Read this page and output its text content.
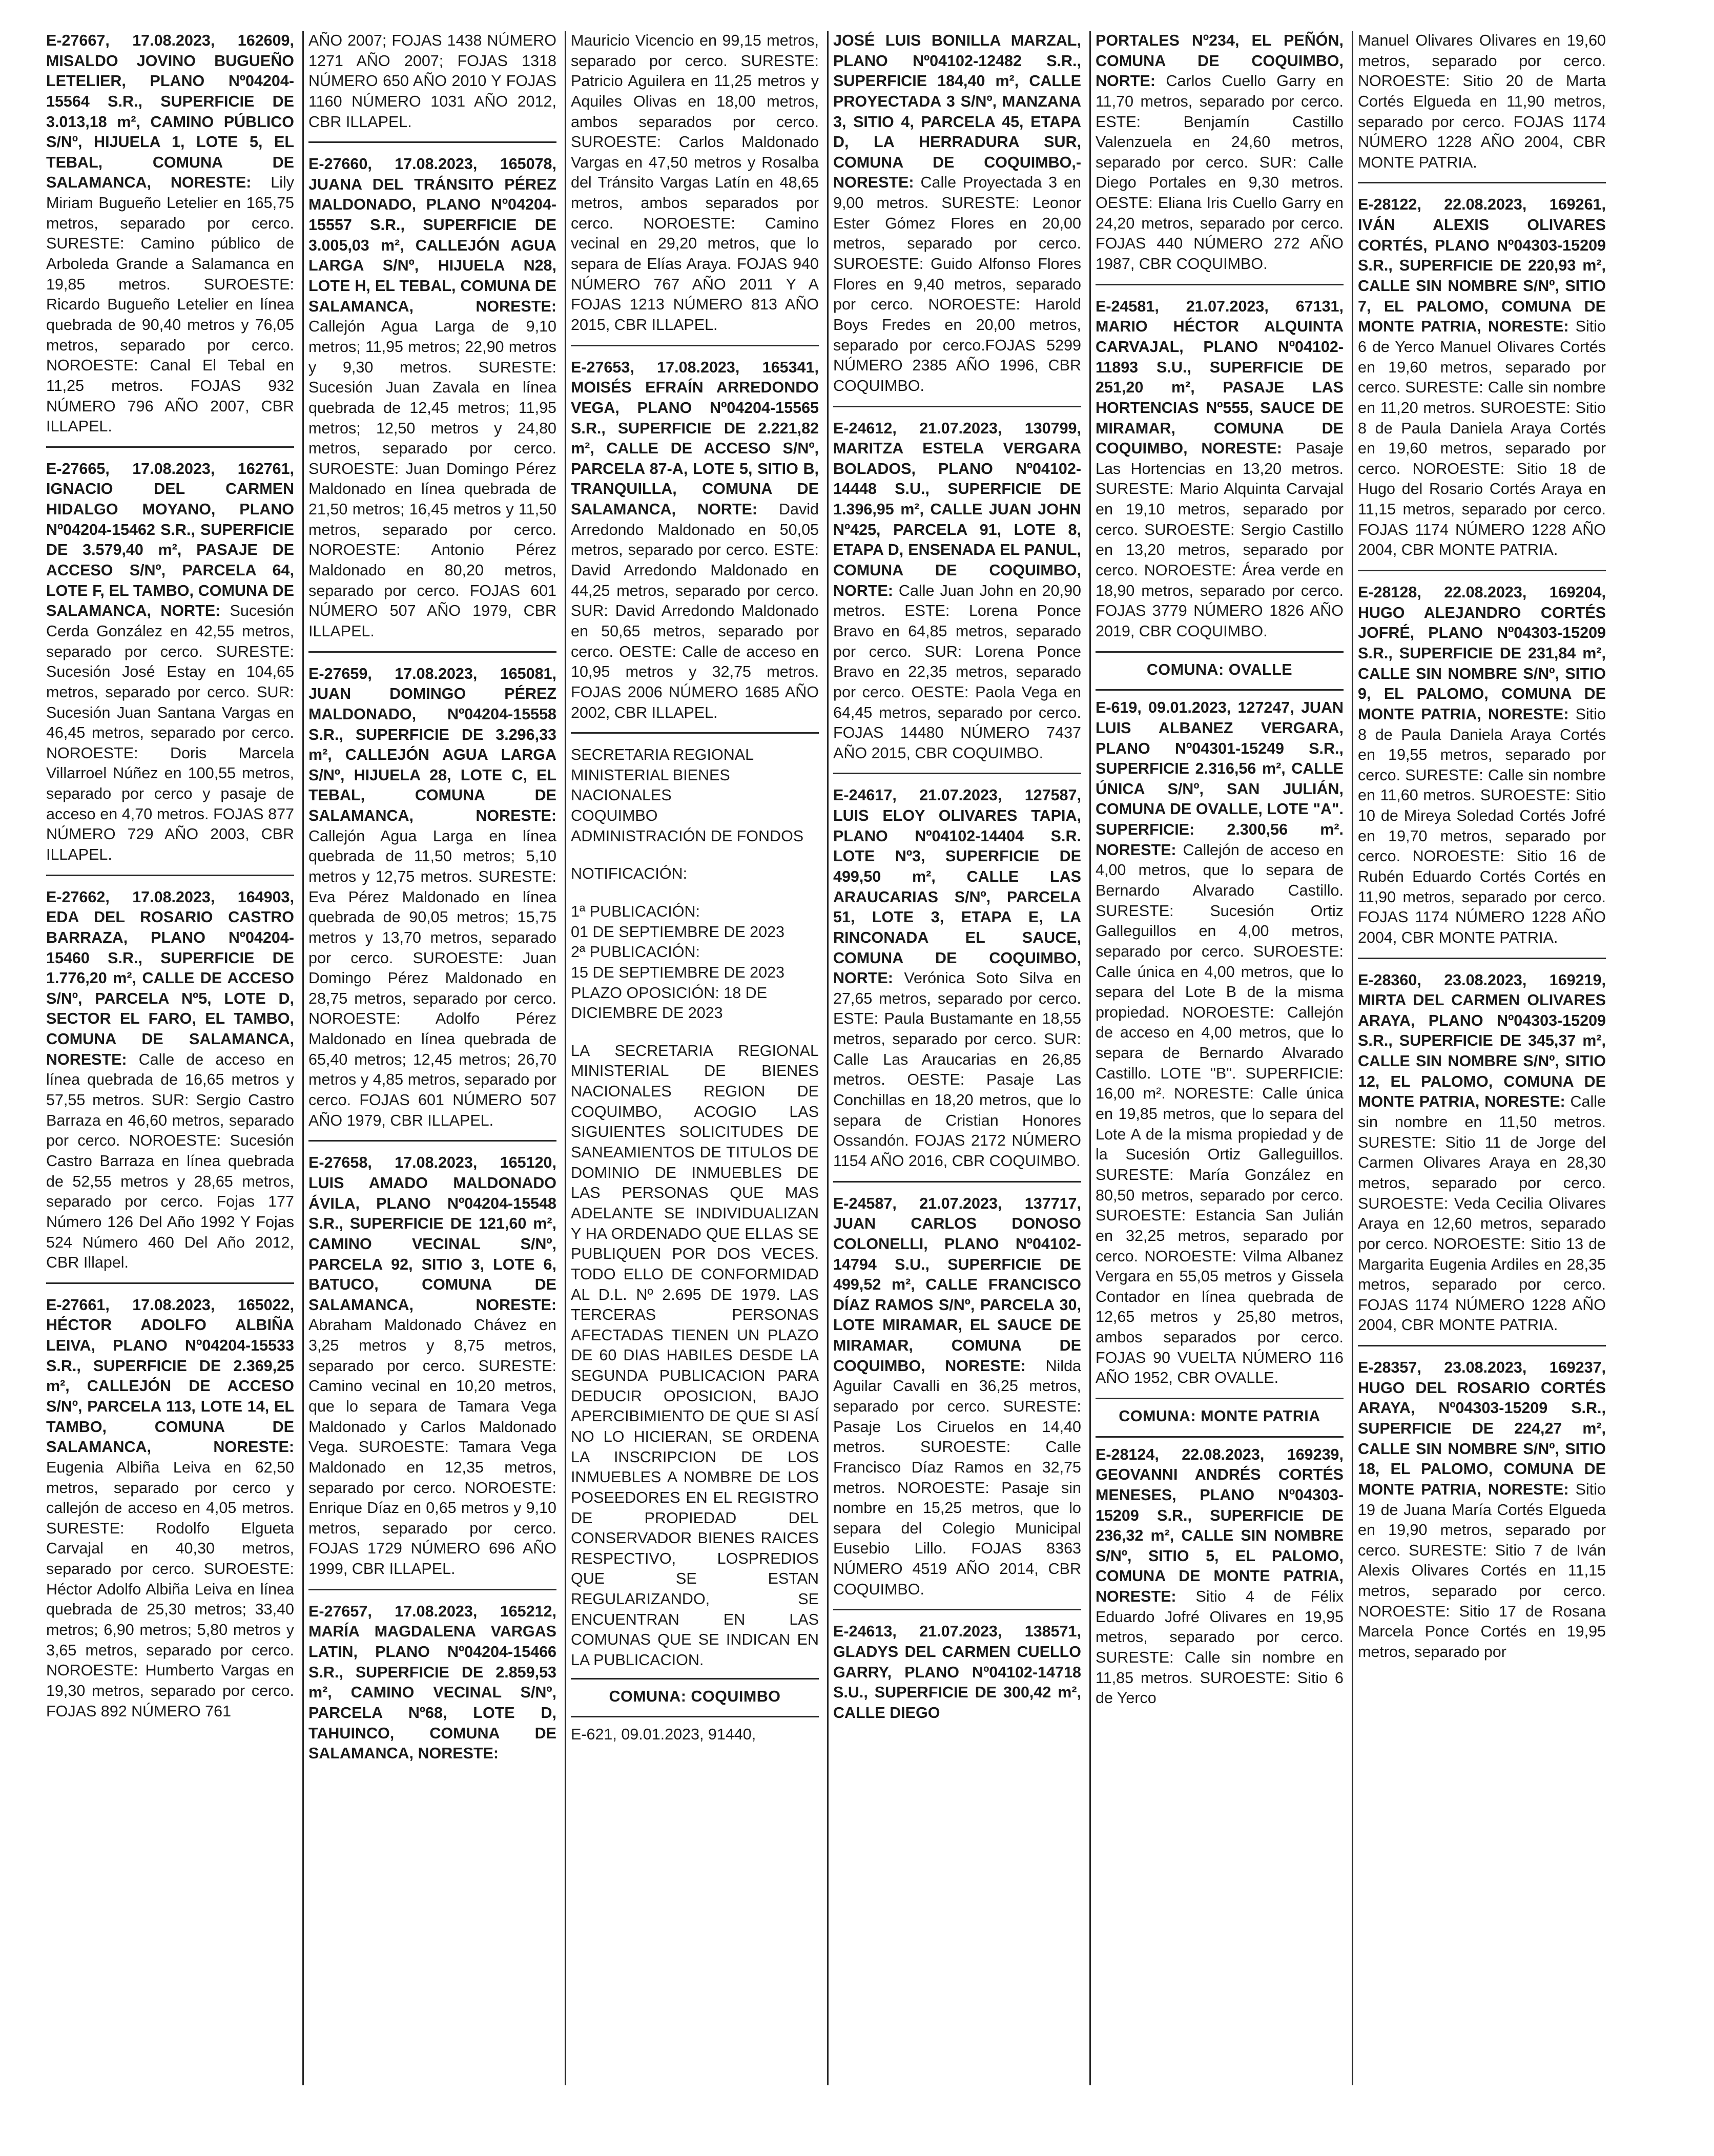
E-27667, 17.08.2023, 162609, MISALDO JOVINO BUGUEÑO LETELIER, PLANO Nº04204-15564 S.R., SUPERFICIE DE 3.013,18 m², CAMINO PÚBLICO S/Nº, HIJUELA 1, LOTE 5, EL TEBAL, COMUNA DE SALAMANCA, NORESTE: Lily Miriam Bugueño Letelier en 165,75 metros, separado por cerco. SURESTE: Camino público de Arboleda Grande a Salamanca en 19,85 metros. SUROESTE: Ricardo Bugueño Letelier en línea quebrada de 90,40 metros y 76,05 metros, separado por cerco. NOROESTE: Canal El Tebal en 11,25 metros. FOJAS 932 NÚMERO 796 AÑO 2007, CBR ILLAPEL.

E-27665, 17.08.2023, 162761, IGNACIO DEL CARMEN HIDALGO MOYANO, PLANO Nº04204-15462 S.R., SUPERFICIE DE 3.579,40 m², PASAJE DE ACCESO S/Nº, PARCELA 64, LOTE F, EL TAMBO, COMUNA DE SALAMANCA, NORTE: Sucesión Cerda González en 42,55 metros, separado por cerco. SURESTE: Sucesión José Estay en 104,65 metros, separado por cerco. SUR: Sucesión Juan Santana Vargas en 46,45 metros, separado por cerco. NOROESTE: Doris Marcela Villarroel Núñez en 100,55 metros, separado por cerco y pasaje de acceso en 4,70 metros. FOJAS 877 NÚMERO 729 AÑO 2003, CBR ILLAPEL.

E-27662, 17.08.2023, 164903, EDA DEL ROSARIO CASTRO BARRAZA, PLANO Nº04204-15460 S.R., SUPERFICIE DE 1.776,20 m², CALLE DE ACCESO S/Nº, PARCELA Nº5, LOTE D, SECTOR EL FARO, EL TAMBO, COMUNA DE SALAMANCA, NORESTE: Calle de acceso en línea quebrada de 16,65 metros y 57,55 metros. SUR: Sergio Castro Barraza en 46,60 metros, separado por cerco. NOROESTE: Sucesión Castro Barraza en línea quebrada de 52,55 metros y 28,65 metros, separado por cerco. Fojas 177 Número 126 Del Año 1992 Y Fojas 524 Número 460 Del Año 2012, CBR Illapel.

E-27661, 17.08.2023, 165022, HÉCTOR ADOLFO ALBIÑA LEIVA, PLANO Nº04204-15533 S.R., SUPERFICIE DE 2.369,25 m², CALLEJÓN DE ACCESO S/Nº, PARCELA 113, LOTE 14, EL TAMBO, COMUNA DE SALAMANCA, NORESTE: Eugenia Albiña Leiva en 62,50 metros, separado por cerco y callejón de acceso en 4,05 metros. SURESTE: Rodolfo Elgueta Carvajal en 40,30 metros, separado por cerco. SUROESTE: Héctor Adolfo Albiña Leiva en línea quebrada de 25,30 metros; 33,40 metros; 6,90 metros; 5,80 metros y 3,65 metros, separado por cerco. NOROESTE: Humberto Vargas en 19,30 metros, separado por cerco. FOJAS 892 NÚMERO 761

AÑO 2007; FOJAS 1438 NÚMERO 1271 AÑO 2007; FOJAS 1318 NÚMERO 650 AÑO 2010 Y FOJAS 1160 NÚMERO 1031 AÑO 2012, CBR ILLAPEL.

E-27660, 17.08.2023, 165078, JUANA DEL TRÁNSITO PÉREZ MALDONADO, PLANO Nº04204-15557 S.R., SUPERFICIE DE 3.005,03 m², CALLEJÓN AGUA LARGA S/Nº, HIJUELA N28, LOTE H, EL TEBAL, COMUNA DE SALAMANCA, NORESTE: Callejón Agua Larga de 9,10 metros; 11,95 metros; 22,90 metros y 9,30 metros. SURESTE: Sucesión Juan Zavala en línea quebrada de 12,45 metros; 11,95 metros; 12,50 metros y 24,80 metros, separado por cerco. SUROESTE: Juan Domingo Pérez Maldonado en línea quebrada de 21,50 metros; 16,45 metros y 11,50 metros, separado por cerco. NOROESTE: Antonio Pérez Maldonado en 80,20 metros, separado por cerco. FOJAS 601 NÚMERO 507 AÑO 1979, CBR ILLAPEL.

E-27659, 17.08.2023, 165081, JUAN DOMINGO PÉREZ MALDONADO, Nº04204-15558 S.R., SUPERFICIE DE 3.296,33 m², CALLEJÓN AGUA LARGA S/Nº, HIJUELA 28, LOTE C, EL TEBAL, COMUNA DE SALAMANCA, NORESTE: Callejón Agua Larga en línea quebrada de 11,50 metros; 5,10 metros y 12,75 metros. SURESTE: Eva Pérez Maldonado en línea quebrada de 90,05 metros; 15,75 metros y 13,70 metros, separado por cerco. SUROESTE: Juan Domingo Pérez Maldonado en 28,75 metros, separado por cerco. NOROESTE: Adolfo Pérez Maldonado en línea quebrada de 65,40 metros; 12,45 metros; 26,70 metros y 4,85 metros, separado por cerco. FOJAS 601 NÚMERO 507 AÑO 1979, CBR ILLAPEL.

E-27658, 17.08.2023, 165120, LUIS AMADO MALDONADO ÁVILA, PLANO Nº04204-15548 S.R., SUPERFICIE DE 121,60 m², CAMINO VECINAL S/Nº, PARCELA 92, SITIO 3, LOTE 6, BATUCO, COMUNA DE SALAMANCA, NORESTE: Abraham Maldonado Chávez en 3,25 metros y 8,75 metros, separado por cerco. SURESTE: Camino vecinal en 10,20 metros, que lo separa de Tamara Vega Maldonado y Carlos Maldonado Vega. SUROESTE: Tamara Vega Maldonado en 12,35 metros, separado por cerco. NOROESTE: Enrique Díaz en 0,65 metros y 9,10 metros, separado por cerco. FOJAS 1729 NÚMERO 696 AÑO 1999, CBR ILLAPEL.

E-27657, 17.08.2023, 165212, MARÍA MAGDALENA VARGAS LATIN, PLANO Nº04204-15466 S.R., SUPERFICIE DE 2.859,53 m², CAMINO VECINAL S/Nº, PARCELA Nº68, LOTE D, TAHUINCO, COMUNA DE SALAMANCA, NORESTE:

Mauricio Vicencio en 99,15 metros, separado por cerco. SURESTE: Patricio Aguilera en 11,25 metros y Aquiles Olivas en 18,00 metros, ambos separados por cerco. SUROESTE: Carlos Maldonado Vargas en 47,50 metros y Rosalba del Tránsito Vargas Latín en 48,65 metros, ambos separados por cerco. NOROESTE: Camino vecinal en 29,20 metros, que lo separa de Elías Araya. FOJAS 940 NÚMERO 767 AÑO 2011 Y A FOJAS 1213 NÚMERO 813 AÑO 2015, CBR ILLAPEL.

E-27653, 17.08.2023, 165341, MOISÉS EFRAÍN ARREDONDO VEGA, PLANO Nº04204-15565 S.R., SUPERFICIE DE 2.221,82 m², CALLE DE ACCESO S/Nº, PARCELA 87-A, LOTE 5, SITIO B, TRANQUILLA, COMUNA DE SALAMANCA, NORTE: David Arredondo Maldonado en 50,05 metros, separado por cerco. ESTE: David Arredondo Maldonado en 44,25 metros, separado por cerco. SUR: David Arredondo Maldonado en 50,65 metros, separado por cerco. OESTE: Calle de acceso en 10,95 metros y 32,75 metros. FOJAS 2006 NÚMERO 1685 AÑO 2002, CBR ILLAPEL.

SECRETARIA REGIONAL MINISTERIAL BIENES NACIONALES

COQUIMBO

ADMINISTRACIÓN DE FONDOS

NOTIFICACIÓN:

1ª PUBLICACIÓN:

01 DE SEPTIEMBRE DE 2023

2ª PUBLICACIÓN:

15 DE SEPTIEMBRE DE 2023

PLAZO OPOSICIÓN: 18 DE DICIEMBRE DE 2023

LA SECRETARIA REGIONAL MINISTERIAL DE BIENES NACIONALES REGION DE COQUIMBO, ACOGIO LAS SIGUIENTES SOLICITUDES DE SANEAMIENTOS DE TITULOS DE DOMINIO DE INMUEBLES DE LAS PERSONAS QUE MAS ADELANTE SE INDIVIDUALIZAN Y HA ORDENADO QUE ELLAS SE PUBLIQUEN POR DOS VECES. TODO ELLO DE CONFORMIDAD AL D.L. Nº 2.695 DE 1979. LAS TERCERAS PERSONAS AFECTADAS TIENEN UN PLAZO DE 60 DIAS HABILES DESDE LA SEGUNDA PUBLICACION PARA DEDUCIR OPOSICION, BAJO APERCIBIMIENTO DE QUE SI ASÍ NO LO HICIERAN, SE ORDENA LA INSCRIPCION DE LOS INMUEBLES A NOMBRE DE LOS POSEEDORES EN EL REGISTRO DE PROPIEDAD DEL CONSERVADOR BIENES RAICES RESPECTIVO, LOSPREDIOS QUE SE ESTAN REGULARIZANDO, SE ENCUENTRAN EN LAS COMUNAS QUE SE INDICAN EN LA PUBLICACION.

COMUNA: COQUIMBO

E-621, 09.01.2023, 91440,

JOSÉ LUIS BONILLA MARZAL, PLANO Nº04102-12482 S.R., SUPERFICIE 184,40 m², CALLE PROYECTADA 3 S/Nº, MANZANA 3, SITIO 4, PARCELA 45, ETAPA D, LA HERRADURA SUR, COMUNA DE COQUIMBO,- NORESTE: Calle Proyectada 3 en 9,00 metros. SURESTE: Leonor Ester Gómez Flores en 20,00 metros, separado por cerco. SUROESTE: Guido Alfonso Flores Flores en 9,40 metros, separado por cerco. NOROESTE: Harold Boys Fredes en 20,00 metros, separado por cerco.FOJAS 5299 NÚMERO 2385 AÑO 1996, CBR COQUIMBO.

E-24612, 21.07.2023, 130799, MARITZA ESTELA VERGARA BOLADOS, PLANO Nº04102-14448 S.U., SUPERFICIE DE 1.396,95 m², CALLE JUAN JOHN Nº425, PARCELA 91, LOTE 8, ETAPA D, ENSENADA EL PANUL, COMUNA DE COQUIMBO, NORTE: Calle Juan John en 20,90 metros. ESTE: Lorena Ponce Bravo en 64,85 metros, separado por cerco. SUR: Lorena Ponce Bravo en 22,35 metros, separado por cerco. OESTE: Paola Vega en 64,45 metros, separado por cerco. FOJAS 14480 NÚMERO 7437 AÑO 2015, CBR COQUIMBO.

E-24617, 21.07.2023, 127587, LUIS ELOY OLIVARES TAPIA, PLANO Nº04102-14404 S.R. LOTE Nº3, SUPERFICIE DE 499,50 m², CALLE LAS ARAUCARIAS S/Nº, PARCELA 51, LOTE 3, ETAPA E, LA RINCONADA EL SAUCE, COMUNA DE COQUIMBO, NORTE: Verónica Soto Silva en 27,65 metros, separado por cerco. ESTE: Paula Bustamante en 18,55 metros, separado por cerco. SUR: Calle Las Araucarias en 26,85 metros. OESTE: Pasaje Las Conchillas en 18,20 metros, que lo separa de Cristian Honores Ossandón. FOJAS 2172 NÚMERO 1154 AÑO 2016, CBR COQUIMBO.

E-24587, 21.07.2023, 137717, JUAN CARLOS DONOSO COLONELLI, PLANO Nº04102-14794 S.U., SUPERFICIE DE 499,52 m², CALLE FRANCISCO DÍAZ RAMOS S/Nº, PARCELA 30, LOTE MIRAMAR, EL SAUCE DE MIRAMAR, COMUNA DE COQUIMBO, NORESTE: Nilda Aguilar Cavalli en 36,25 metros, separado por cerco. SURESTE: Pasaje Los Ciruelos en 14,40 metros. SUROESTE: Calle Francisco Díaz Ramos en 32,75 metros. NOROESTE: Pasaje sin nombre en 15,25 metros, que lo separa del Colegio Municipal Eusebio Lillo. FOJAS 8363 NÚMERO 4519 AÑO 2014, CBR COQUIMBO.

E-24613, 21.07.2023, 138571, GLADYS DEL CARMEN CUELLO GARRY, PLANO Nº04102-14718 S.U., SUPERFICIE DE 300,42 m², CALLE DIEGO

PORTALES Nº234, EL PEÑÓN, COMUNA DE COQUIMBO, NORTE: Carlos Cuello Garry en 11,70 metros, separado por cerco. ESTE: Benjamín Castillo Valenzuela en 24,60 metros, separado por cerco. SUR: Calle Diego Portales en 9,30 metros. OESTE: Eliana Iris Cuello Garry en 24,20 metros, separado por cerco. FOJAS 440 NÚMERO 272 AÑO 1987, CBR COQUIMBO.

E-24581, 21.07.2023, 67131, MARIO HÉCTOR ALQUINTA CARVAJAL, PLANO Nº04102-11893 S.U., SUPERFICIE DE 251,20 m², PASAJE LAS HORTENCIAS Nº555, SAUCE DE MIRAMAR, COMUNA DE COQUIMBO, NORESTE: Pasaje Las Hortencias en 13,20 metros. SURESTE: Mario Alquinta Carvajal en 19,10 metros, separado por cerco. SUROESTE: Sergio Castillo en 13,20 metros, separado por cerco. NOROESTE: Área verde en 18,90 metros, separado por cerco. FOJAS 3779 NÚMERO 1826 AÑO 2019, CBR COQUIMBO.

COMUNA: OVALLE

E-619, 09.01.2023, 127247, JUAN LUIS ALBANEZ VERGARA, PLANO Nº04301-15249 S.R., SUPERFICIE 2.316,56 m², CALLE ÚNICA S/Nº, SAN JULIÁN, COMUNA DE OVALLE, LOTE "A". SUPERFICIE: 2.300,56 m². NORESTE: Callejón de acceso en 4,00 metros, que lo separa de Bernardo Alvarado Castillo. SURESTE: Sucesión Ortiz Galleguillos en 4,00 metros, separado por cerco. SUROESTE: Calle única en 4,00 metros, que lo separa del Lote B de la misma propiedad. NOROESTE: Callejón de acceso en 4,00 metros, que lo separa de Bernardo Alvarado Castillo. LOTE "B". SUPERFICIE: 16,00 m². NORESTE: Calle única en 19,85 metros, que lo separa del Lote A de la misma propiedad y de la Sucesión Ortiz Galleguillos. SURESTE: María González en 80,50 metros, separado por cerco. SUROESTE: Estancia San Julián en 32,25 metros, separado por cerco. NOROESTE: Vilma Albanez Vergara en 55,05 metros y Gissela Contador en línea quebrada de 12,65 metros y 25,80 metros, ambos separados por cerco. FOJAS 90 VUELTA NÚMERO 116 AÑO 1952, CBR OVALLE.

COMUNA: MONTE PATRIA

E-28124, 22.08.2023, 169239, GEOVANNI ANDRÉS CORTÉS MENESES, PLANO Nº04303-15209 S.R., SUPERFICIE DE 236,32 m², CALLE SIN NOMBRE S/Nº, SITIO 5, EL PALOMO, COMUNA DE MONTE PATRIA, NORESTE: Sitio 4 de Félix Eduardo Jofré Olivares en 19,95 metros, separado por cerco. SURESTE: Calle sin nombre en 11,85 metros. SUROESTE: Sitio 6 de Yerco

Manuel Olivares Olivares en 19,60 metros, separado por cerco. NOROESTE: Sitio 20 de Marta Cortés Elgueda en 11,90 metros, separado por cerco. FOJAS 1174 NÚMERO 1228 AÑO 2004, CBR MONTE PATRIA.

E-28122, 22.08.2023, 169261, IVÁN ALEXIS OLIVARES CORTÉS, PLANO Nº04303-15209 S.R., SUPERFICIE DE 220,93 m², CALLE SIN NOMBRE S/Nº, SITIO 7, EL PALOMO, COMUNA DE MONTE PATRIA, NORESTE: Sitio 6 de Yerco Manuel Olivares Cortés en 19,60 metros, separado por cerco. SURESTE: Calle sin nombre en 11,20 metros. SUROESTE: Sitio 8 de Paula Daniela Araya Cortés en 19,60 metros, separado por cerco. NOROESTE: Sitio 18 de Hugo del Rosario Cortés Araya en 11,15 metros, separado por cerco. FOJAS 1174 NÚMERO 1228 AÑO 2004, CBR MONTE PATRIA.

E-28128, 22.08.2023, 169204, HUGO ALEJANDRO CORTÉS JOFRÉ, PLANO Nº04303-15209 S.R., SUPERFICIE DE 231,84 m², CALLE SIN NOMBRE S/Nº, SITIO 9, EL PALOMO, COMUNA DE MONTE PATRIA, NORESTE: Sitio 8 de Paula Daniela Araya Cortés en 19,55 metros, separado por cerco. SURESTE: Calle sin nombre en 11,60 metros. SUROESTE: Sitio 10 de Mireya Soledad Cortés Jofré en 19,70 metros, separado por cerco. NOROESTE: Sitio 16 de Rubén Eduardo Cortés Cortés en 11,90 metros, separado por cerco. FOJAS 1174 NÚMERO 1228 AÑO 2004, CBR MONTE PATRIA.

E-28360, 23.08.2023, 169219, MIRTA DEL CARMEN OLIVARES ARAYA, PLANO Nº04303-15209 S.R., SUPERFICIE DE 345,37 m², CALLE SIN NOMBRE S/Nº, SITIO 12, EL PALOMO, COMUNA DE MONTE PATRIA, NORESTE: Calle sin nombre en 11,50 metros. SURESTE: Sitio 11 de Jorge del Carmen Olivares Araya en 28,30 metros, separado por cerco. SUROESTE: Veda Cecilia Olivares Araya en 12,60 metros, separado por cerco. NOROESTE: Sitio 13 de Margarita Eugenia Ardiles en 28,35 metros, separado por cerco. FOJAS 1174 NÚMERO 1228 AÑO 2004, CBR MONTE PATRIA.

E-28357, 23.08.2023, 169237, HUGO DEL ROSARIO CORTÉS ARAYA, Nº04303-15209 S.R., SUPERFICIE DE 224,27 m², CALLE SIN NOMBRE S/Nº, SITIO 18, EL PALOMO, COMUNA DE MONTE PATRIA, NORESTE: Sitio 19 de Juana María Cortés Elgueda en 19,90 metros, separado por cerco. SURESTE: Sitio 7 de Iván Alexis Olivares Cortés en 11,15 metros, separado por cerco. NOROESTE: Sitio 17 de Rosana Marcela Ponce Cortés en 19,95 metros, separado por
